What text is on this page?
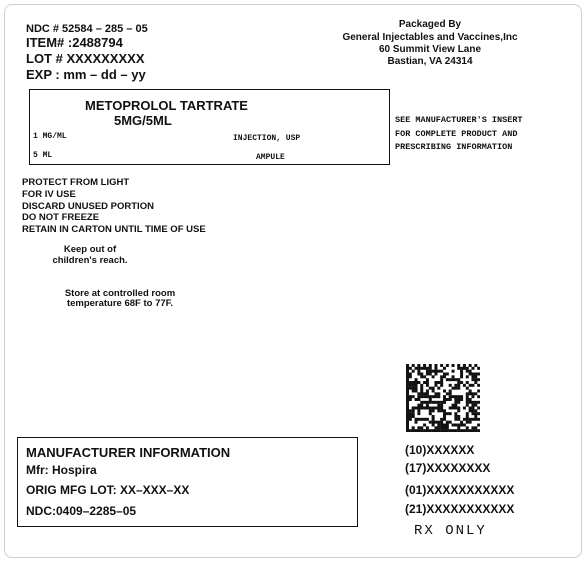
NDC # 52584 – 285 – 05
ITEM# :2488794
LOT # XXXXXXXXX
EXP : mm – dd – yy
Packaged By
General Injectables and Vaccines,Inc
60 Summit View Lane
Bastian, VA 24314
METOPROLOL TARTRATE
5MG/5ML
1 MG/ML	INJECTION, USP
5 ML	AMPULE
SEE MANUFACTURER'S INSERT
FOR COMPLETE PRODUCT AND
PRESCRIBING INFORMATION
PROTECT FROM LIGHT
FOR IV USE
DISCARD UNUSED PORTION
DO NOT FREEZE
RETAIN IN CARTON UNTIL TIME OF USE
Keep out of
children's reach.
Store at controlled room
temperature 68F to 77F.
MANUFACTURER INFORMATION
Mfr: Hospira
ORIG MFG LOT: XX–XXX–XX
NDC:0409–2285–05
(10)XXXXXX
(17)XXXXXXXX
(01)XXXXXXXXXXX
(21)XXXXXXXXXXX
RX ONLY
